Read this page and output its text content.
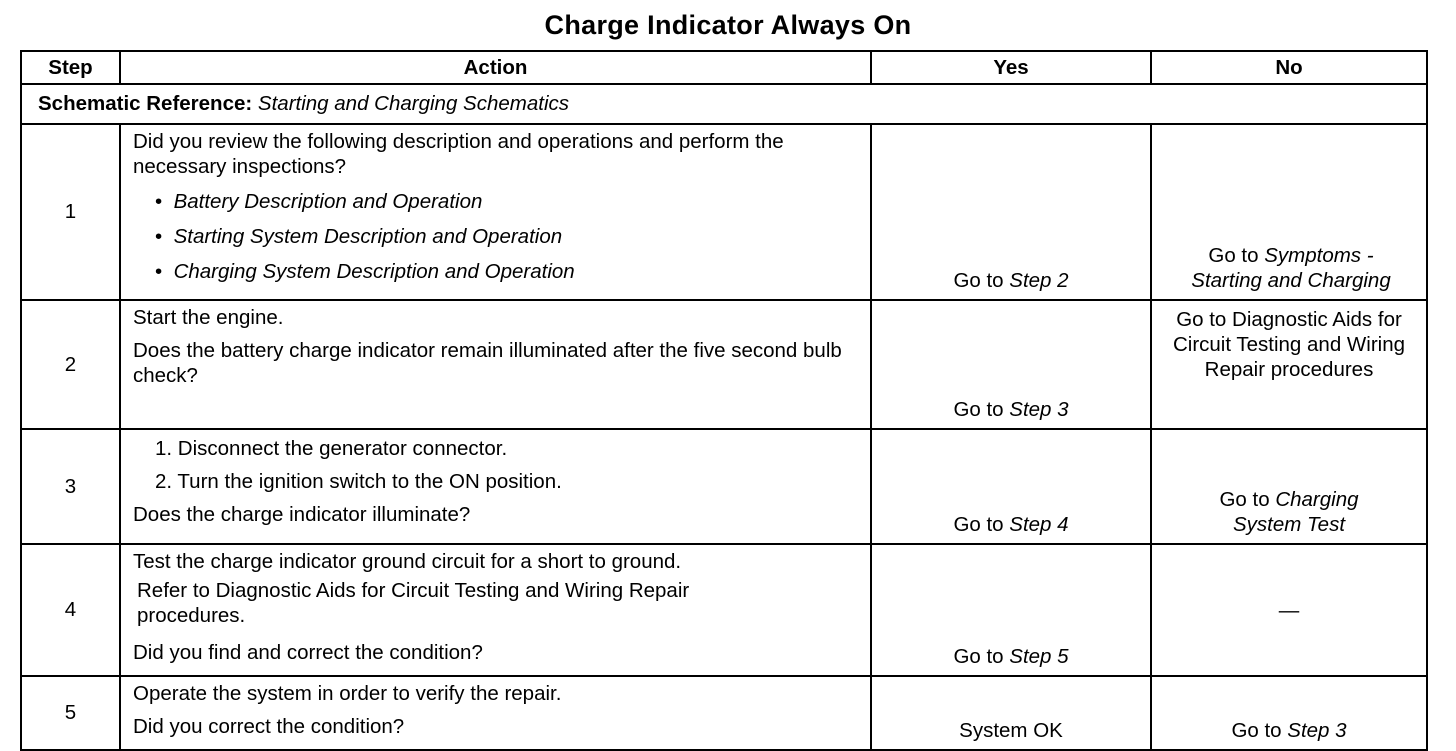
Charge Indicator Always On
Step	Action	Yes	No
Schematic Reference: Starting and Charging Schematics			
1	Did you review the following description and operations and perform the necessary inspections?

•  Battery Description and Operation

•  Starting System Description and Operation

•  Charging System Description and Operation	Go to Step 2	Go to Symptoms - Starting and Charging
2	Start the engine.

Does the battery charge indicator remain illuminated after the five second bulb check?	Go to Step 3	Go to Diagnostic Aids for Circuit Testing and Wiring Repair procedures
3	1. Disconnect the generator connector.

2. Turn the ignition switch to the ON position.

Does the charge indicator illuminate?	Go to Step 4	Go to Charging System Test
4	Test the charge indicator ground circuit for a short to ground.

Refer to Diagnostic Aids for Circuit Testing and Wiring Repair procedures.

Did you find and correct the condition?	Go to Step 5	—
5	Operate the system in order to verify the repair.

Did you correct the condition?	System OK	Go to Step 3
